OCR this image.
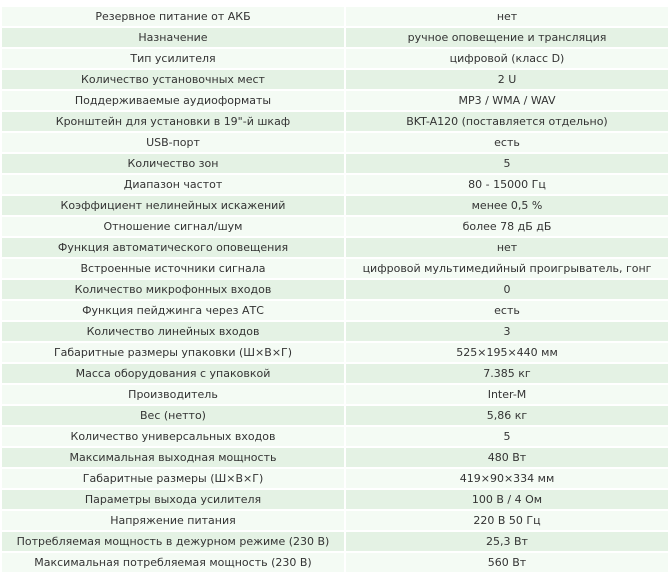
Резервное питание от АКБ	нет
Назначение	ручное оповещение и трансляция
Тип усилителя	цифровой (класс D)
Количество установочных мест	2 U
Поддерживаемые аудиоформаты	MP3 / WMA / WAV
Кронштейн для установки в 19"-й шкаф	BKT-A120 (поставляется отдельно)
USB-порт	есть
Количество зон	5
Диапазон частот	80 - 15000 Гц
Коэффициент нелинейных искажений	менее 0,5 %
Отношение сигнал/шум	более 78 дБ дБ
Функция автоматического оповещения	нет
Встроенные источники сигнала	цифровой мультимедийный проигрыватель, гонг
Количество микрофонных входов	0
Функция пейджинга через АТС	есть
Количество линейных входов	3
Габаритные размеры упаковки (Ш×В×Г)	525×195×440 мм
Масса оборудования с упаковкой	7.385 кг
Производитель	Inter-M
Вес (нетто)	5,86 кг
Количество универсальных входов	5
Максимальная выходная мощность	480 Вт
Габаритные размеры (Ш×В×Г)	419×90×334 мм
Параметры выхода усилителя	100 В / 4 Ом
Напряжение питания	220 В 50 Гц
Потребляемая мощность в дежурном режиме (230 В)	25,3 Вт
Максимальная потребляемая мощность (230 В)	560 Вт
